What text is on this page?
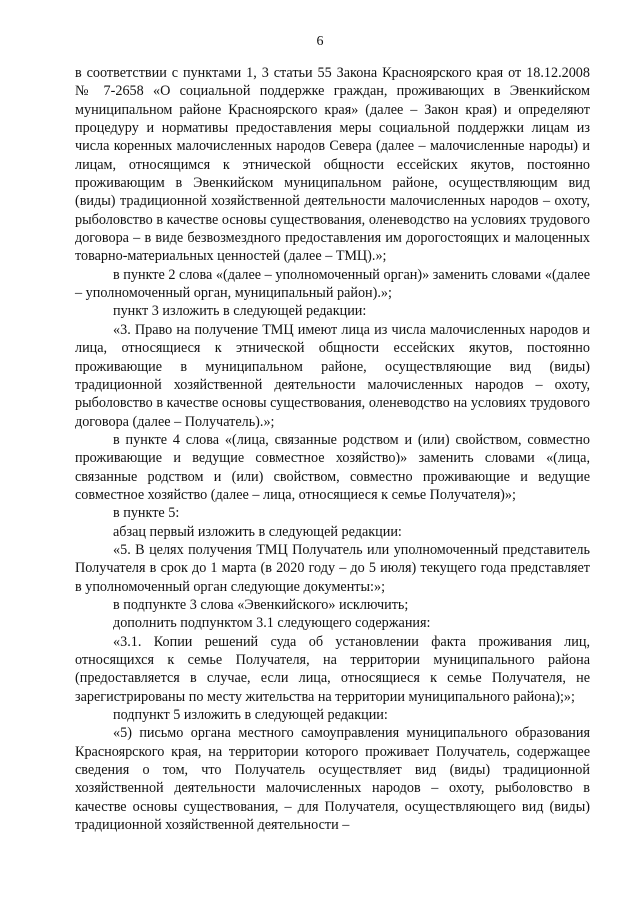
6

в соответствии с пунктами 1, 3 статьи 55 Закона Красноярского края от 18.12.2008 № 7-2658 «О социальной поддержке граждан, проживающих в Эвенкийском муниципальном районе Красноярского края» (далее – Закон края) и определяют процедуру и нормативы предоставления меры социальной поддержки лицам из числа коренных малочисленных народов Севера (далее – малочисленные народы) и лицам, относящимся к этнической общности ессейских якутов, постоянно проживающим в Эвенкийском муниципальном районе, осуществляющим вид (виды) традиционной хозяйственной деятельности малочисленных народов – охоту, рыболовство в качестве основы существования, оленеводство на условиях трудового договора – в виде безвозмездного предоставления им дорогостоящих и малоценных товарно-материальных ценностей (далее – ТМЦ).»;

в пункте 2 слова «(далее – уполномоченный орган)» заменить словами «(далее – уполномоченный орган, муниципальный район).»;

пункт 3 изложить в следующей редакции:

«3. Право на получение ТМЦ имеют лица из числа малочисленных народов и лица, относящиеся к этнической общности ессейских якутов, постоянно проживающие в муниципальном районе, осуществляющие вид (виды) традиционной хозяйственной деятельности малочисленных народов – охоту, рыболовство в качестве основы существования, оленеводство на условиях трудового договора (далее – Получатель).»;

в пункте 4 слова «(лица, связанные родством и (или) свойством, совместно проживающие и ведущие совместное хозяйство)» заменить словами «(лица, связанные родством и (или) свойством, совместно проживающие и ведущие совместное хозяйство (далее – лица, относящиеся к семье Получателя)»;

в пункте 5:

абзац первый изложить в следующей редакции:

«5. В целях получения ТМЦ Получатель или уполномоченный представитель Получателя в срок до 1 марта (в 2020 году – до 5 июля) текущего года представляет в уполномоченный орган следующие документы:»;

в подпункте 3 слова «Эвенкийского» исключить;

дополнить подпунктом 3.1 следующего содержания:

«3.1. Копии решений суда об установлении факта проживания лиц, относящихся к семье Получателя, на территории муниципального района (предоставляется в случае, если лица, относящиеся к семье Получателя, не зарегистрированы по месту жительства на территории муниципального района);»;

подпункт 5 изложить в следующей редакции:

«5) письмо органа местного самоуправления муниципального образования Красноярского края, на территории которого проживает Получатель, содержащее сведения о том, что Получатель осуществляет вид (виды) традиционной хозяйственной деятельности малочисленных народов – охоту, рыболовство в качестве основы существования, – для Получателя, осуществляющего вид (виды) традиционной хозяйственной деятельности –
